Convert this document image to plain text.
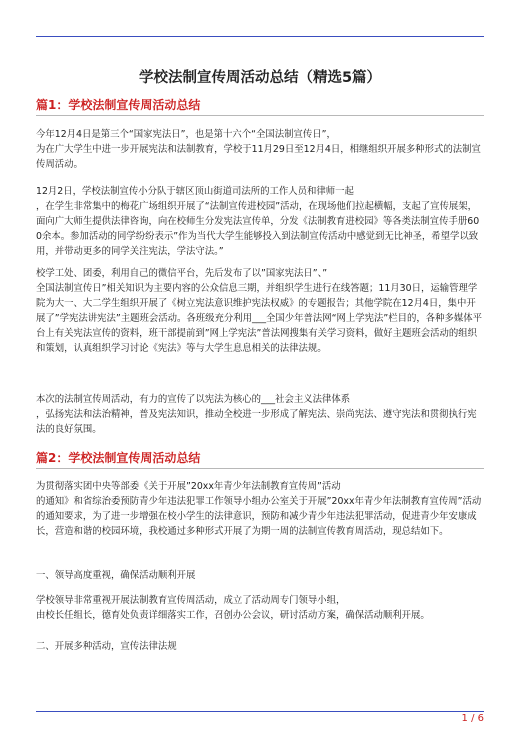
学校法制宣传周活动总结（精选5篇）
篇1：学校法制宣传周活动总结

今年12月4日是第三个“国家宪法日”，也是第十六个“全国法制宣传日”，
为在广大学生中进一步开展宪法和法制教育，学校于11月29日至12月4日，相继组织开展多种形式的法制宣传周活动。

12月2日，学校法制宣传小分队于辖区顶山街道司法所的工作人员和律师一起
，在学生非常集中的梅花广场组织开展了“法制宣传进校园”活动，在现场他们拉起横幅，支起了宣传展架，面向广大师生提供法律咨询，向在校师生分发宪法宣传单，分发《法制教育进校园》等各类法制宣传手册600余本。参加活动的同学纷纷表示”作为当代大学生能够投入到法制宣传活动中感觉到无比神圣，希望学以致用，并带动更多的同学关注宪法，学法守法。”

校学工处、团委，利用自己的微信平台，先后发布了以”国家宪法日”、”
全国法制宣传日”相关知识为主要内容的公众信息三期，并组织学生进行在线答题；11月30日，运输管理学院为大一、大二学生组织开展了《树立宪法意识维护宪法权威》的专题报告；其他学院在12月4日，集中开展了”学宪法讲宪法”主题班会活动。各班级充分利用___全国少年普法网“网上学宪法”栏目的，各种多媒体平台上有关宪法宣传的资料，班干部提前到”网上学宪法”普法网搜集有关学习资料，做好主题班会活动的组织和策划，认真组织学习讨论《宪法》等与大学生息息相关的法律法规。

本次的法制宣传周活动，有力的宣传了以宪法为核心的___社会主义法律体系
，弘扬宪法和法治精神，普及宪法知识，推动全校进一步形成了解宪法、崇尚宪法、遵守宪法和贯彻执行宪法的良好氛围。

篇2：学校法制宣传周活动总结

为贯彻落实团中央等部委《关于开展”20xx年青少年法制教育宣传周”活动
的通知》和省综治委预防青少年违法犯罪工作领导小组办公室关于开展”20xx年青少年法制教育宣传周”活动的通知要求，为了进一步增强在校小学生的法律意识，预防和减少青少年违法犯罪活动，促进青少年安康成长，营造和谐的校园环境，我校通过多种形式开展了为期一周的法制宣传教育周活动，现总结如下。

一、领导高度重视，确保活动顺利开展

学校领导非常重视开展法制教育宣传周活动，成立了活动周专门领导小组，
由校长任组长，德育处负责详细落实工作，召创办公会议，研讨活动方案，确保活动顺利开展。

二、开展多种活动，宣传法律法规

1 / 6
